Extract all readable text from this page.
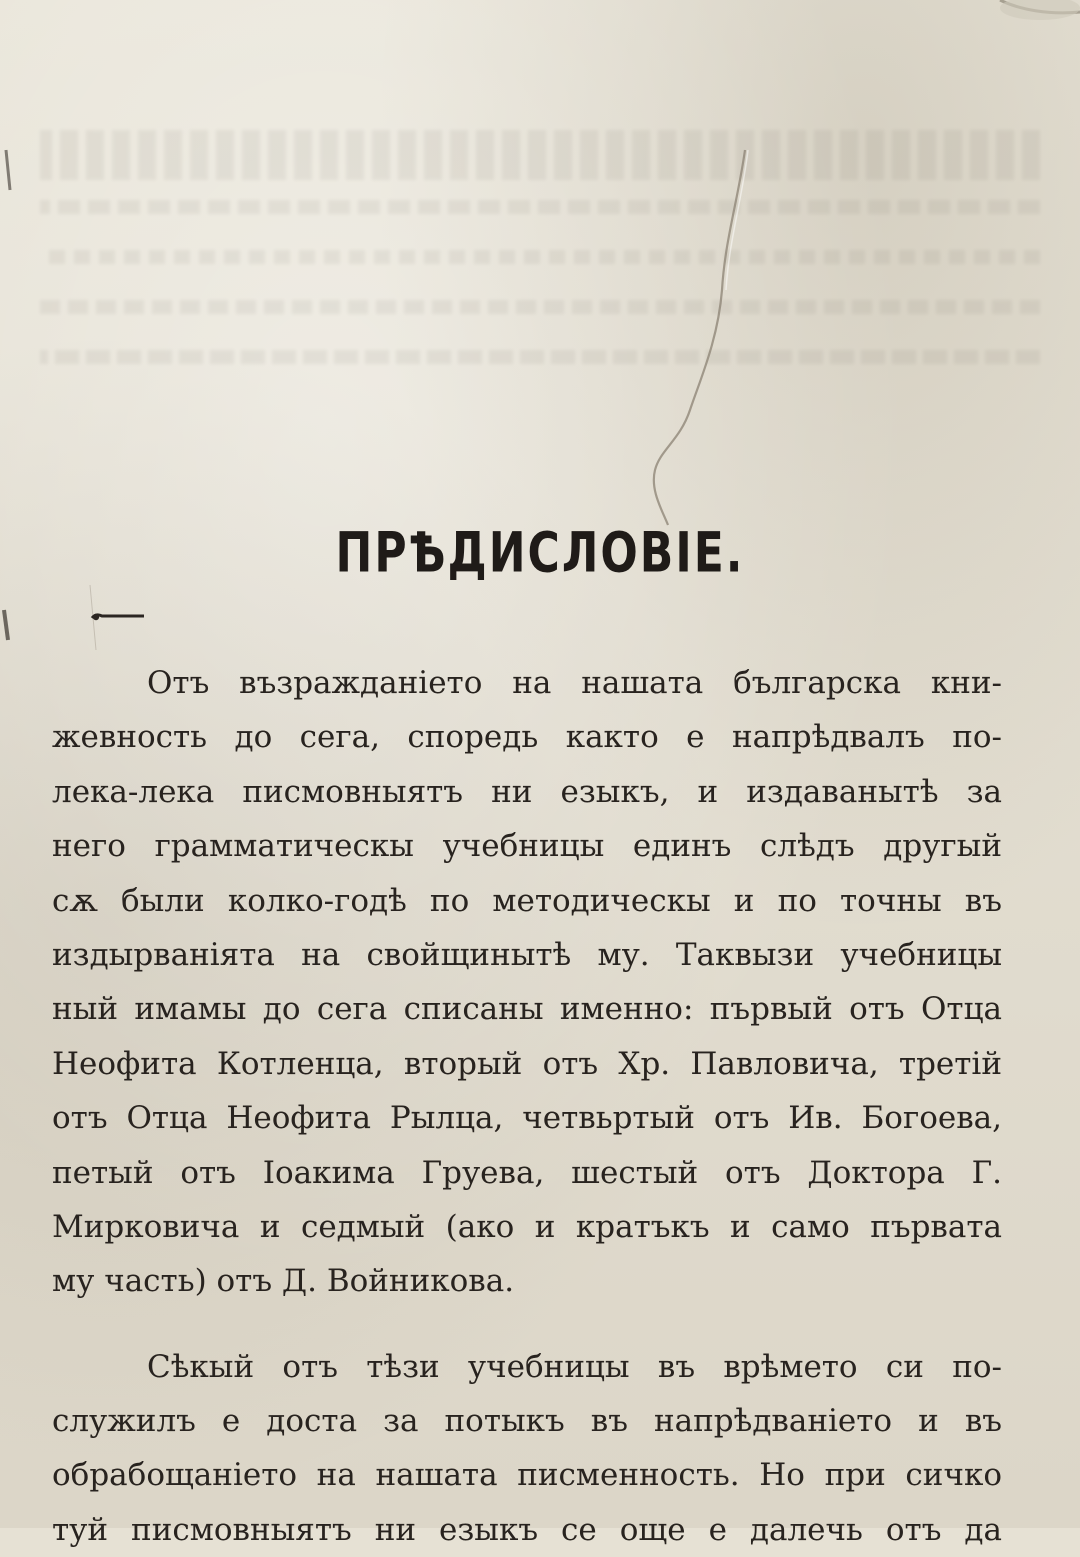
ПРѢДИСЛОВІЕ.
Отъ възражданіето на нашата българска кни-
жевность до сега, споредь както е напрѣдвалъ по-
лека-лека писмовныятъ ни езыкъ, и издаванытѣ за
него грамматическы учебницы единъ слѣдъ другый
сѫ были колко-годѣ по методическы и по точны въ
издырваніята на свойщинытѣ му. Таквызи учебницы
ный имамы до сега списаны именно: първый отъ Отца
Неофита Котленца, вторый отъ Хр. Павловича, третій
отъ Отца Неофита Рылца, четвьртый отъ Ив. Богоева,
петый отъ Іоакима Груева, шестый отъ Доктора Г.
Мирковича и седмый (ако и кратъкъ и само първата
му часть) отъ Д. Войникова.
Сѣкый отъ тѣзи учебницы въ врѣмето си по-
служилъ е доста за потыкъ въ напрѣдваніето и въ
обрабощаніето на нашата писменность. Но при сичко
туй писмовныятъ ни езыкъ се още е далечь отъ да
